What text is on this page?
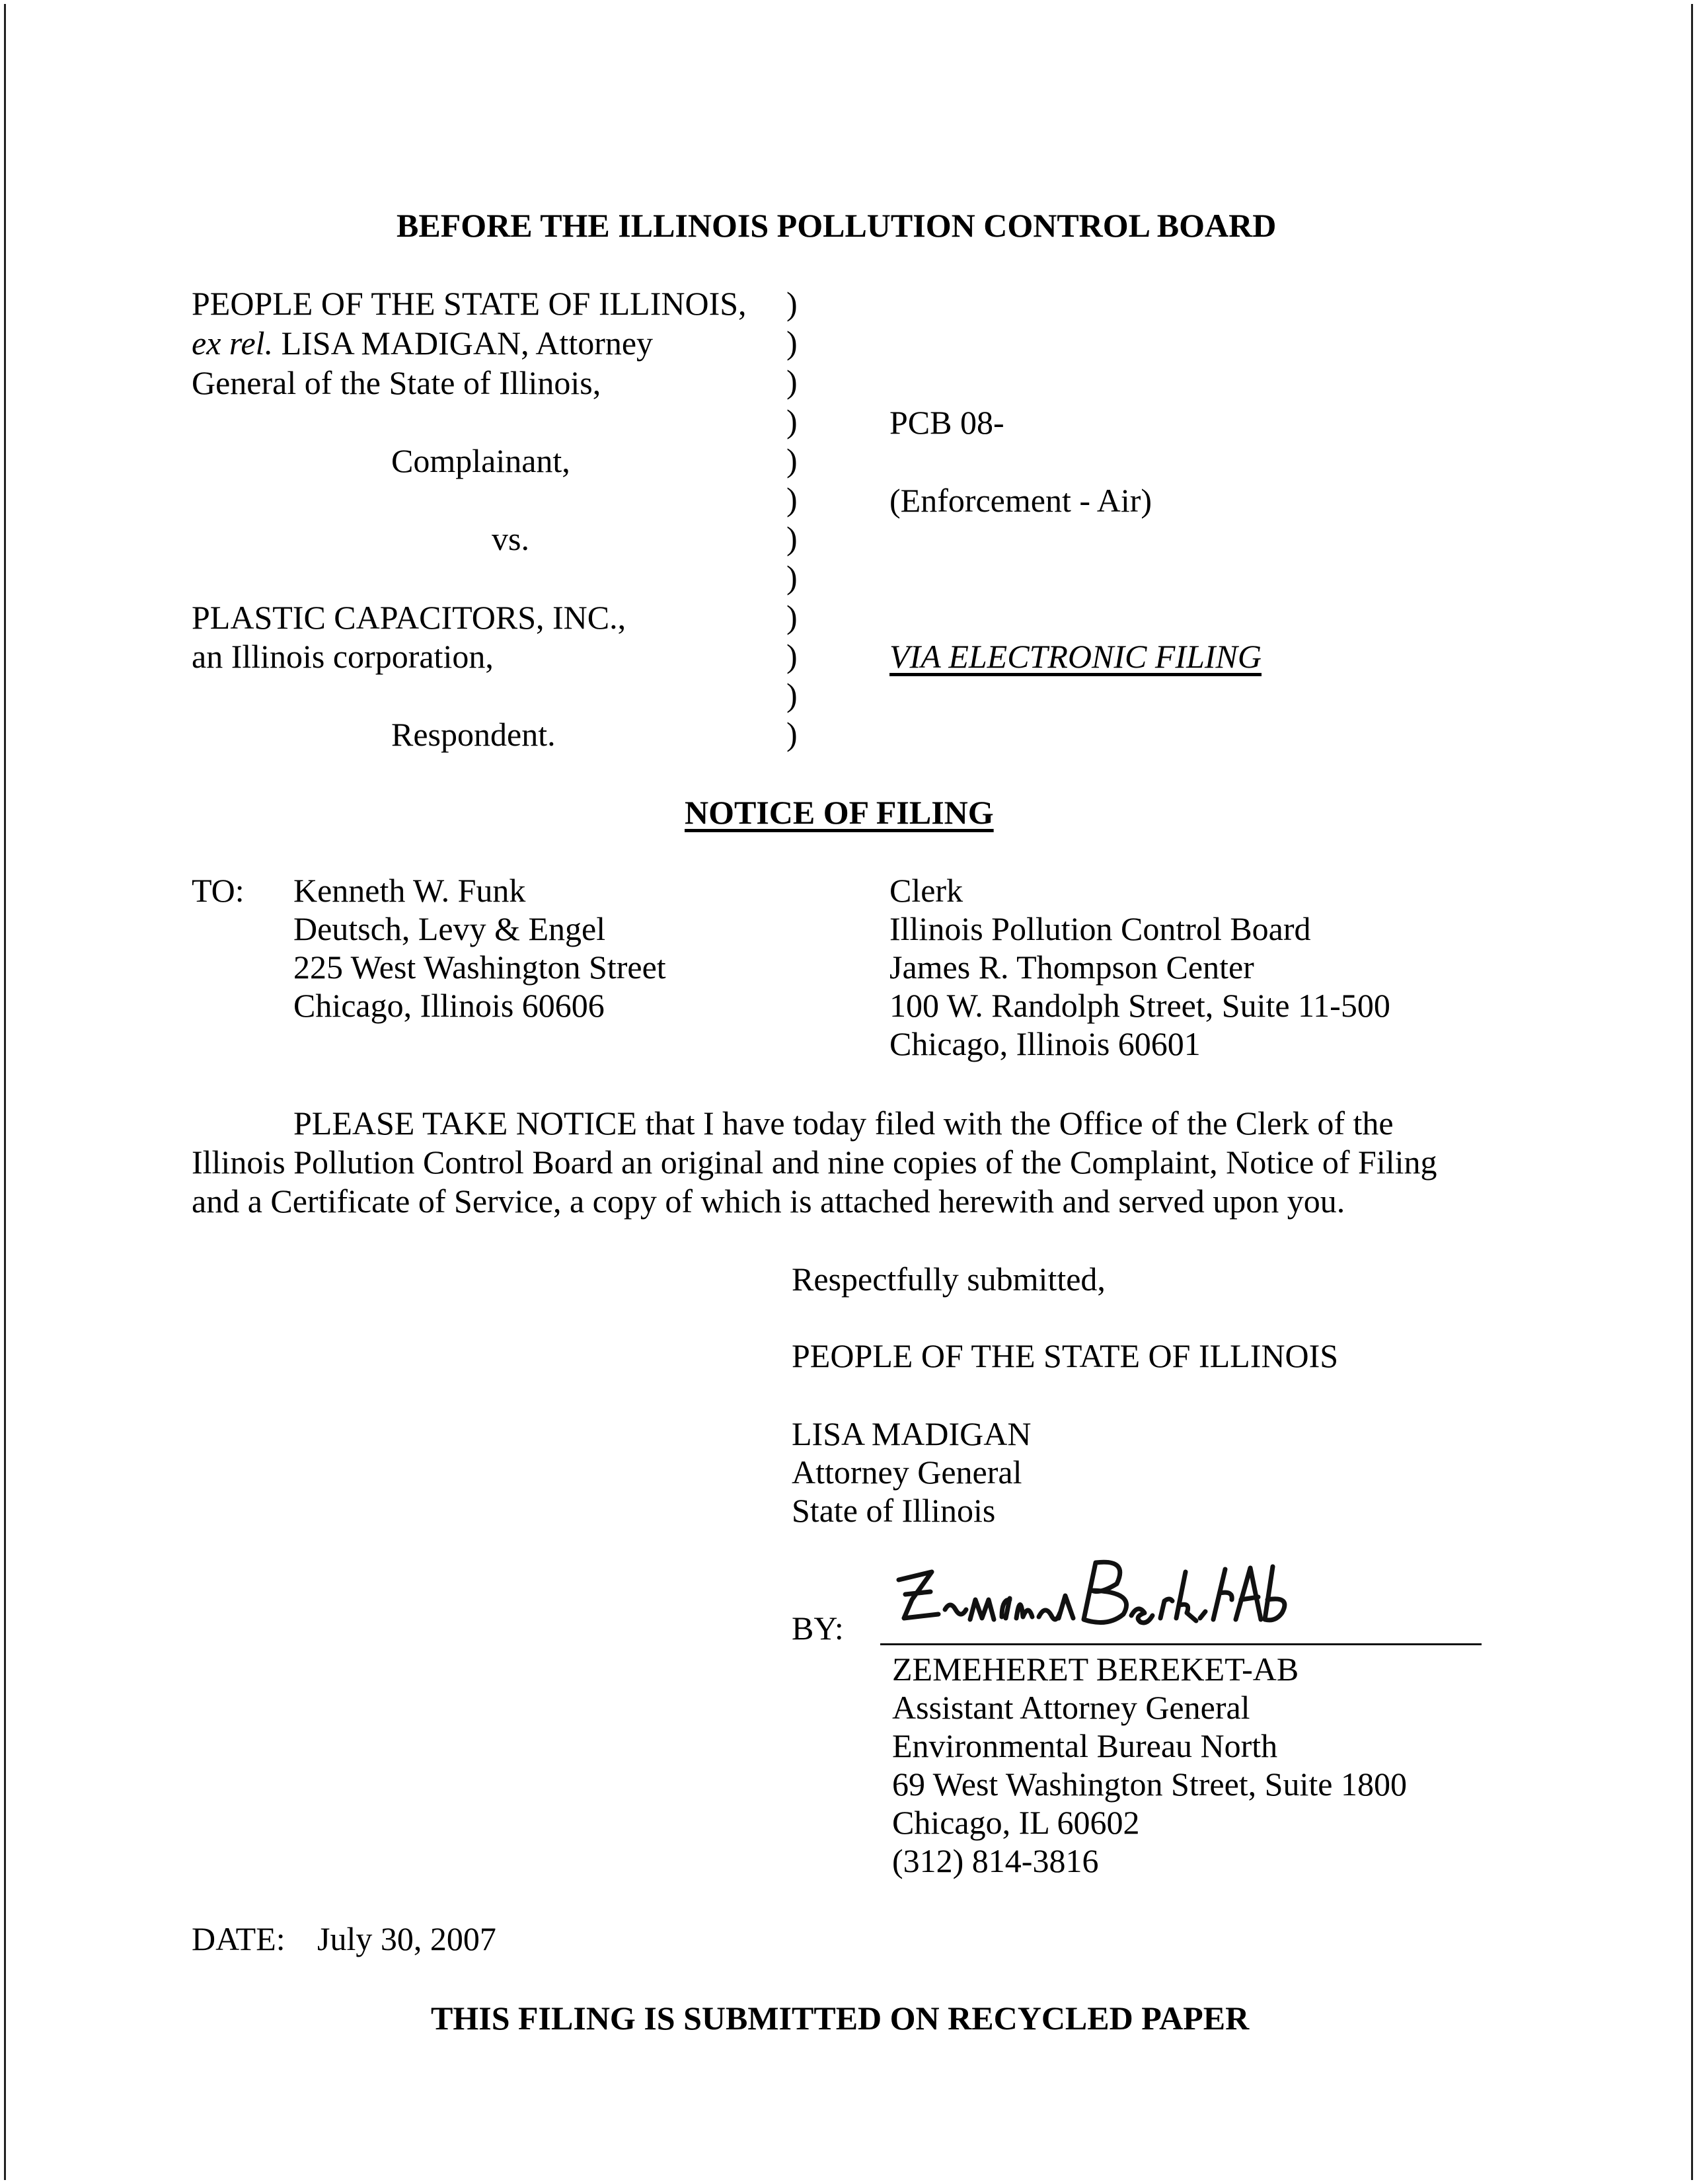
BEFORE THE ILLINOIS POLLUTION CONTROL BOARD
PEOPLE OF THE STATE OF ILLINOIS,
ex rel. LISA MADIGAN, Attorney
General of the State of Illinois,
Complainant,
vs.
PLASTIC CAPACITORS, INC.,
an Illinois corporation,
Respondent.
)
)
)
)
)
)
)
)
)
)
)
)
PCB 08-
(Enforcement - Air)
VIA ELECTRONIC FILING
NOTICE OF FILING
TO: Kenneth W. Funk
Deutsch, Levy & Engel
225 West Washington Street
Chicago, Illinois 60606
Clerk
Illinois Pollution Control Board
James R. Thompson Center
100 W. Randolph Street, Suite 11-500
Chicago, Illinois 60601
PLEASE TAKE NOTICE that I have today filed with the Office of the Clerk of the
Illinois Pollution Control Board an original and nine copies of the Complaint, Notice of Filing
and a Certificate of Service, a copy of which is attached herewith and served upon you.
Respectfully submitted,
PEOPLE OF THE STATE OF ILLINOIS
LISA MADIGAN
Attorney General
State of Illinois
BY:
ZEMEHERET BEREKET-AB
Assistant Attorney General
Environmental Bureau North
69 West Washington Street, Suite 1800
Chicago, IL 60602
(312) 814-3816
DATE: July 30, 2007
THIS FILING IS SUBMITTED ON RECYCLED PAPER
